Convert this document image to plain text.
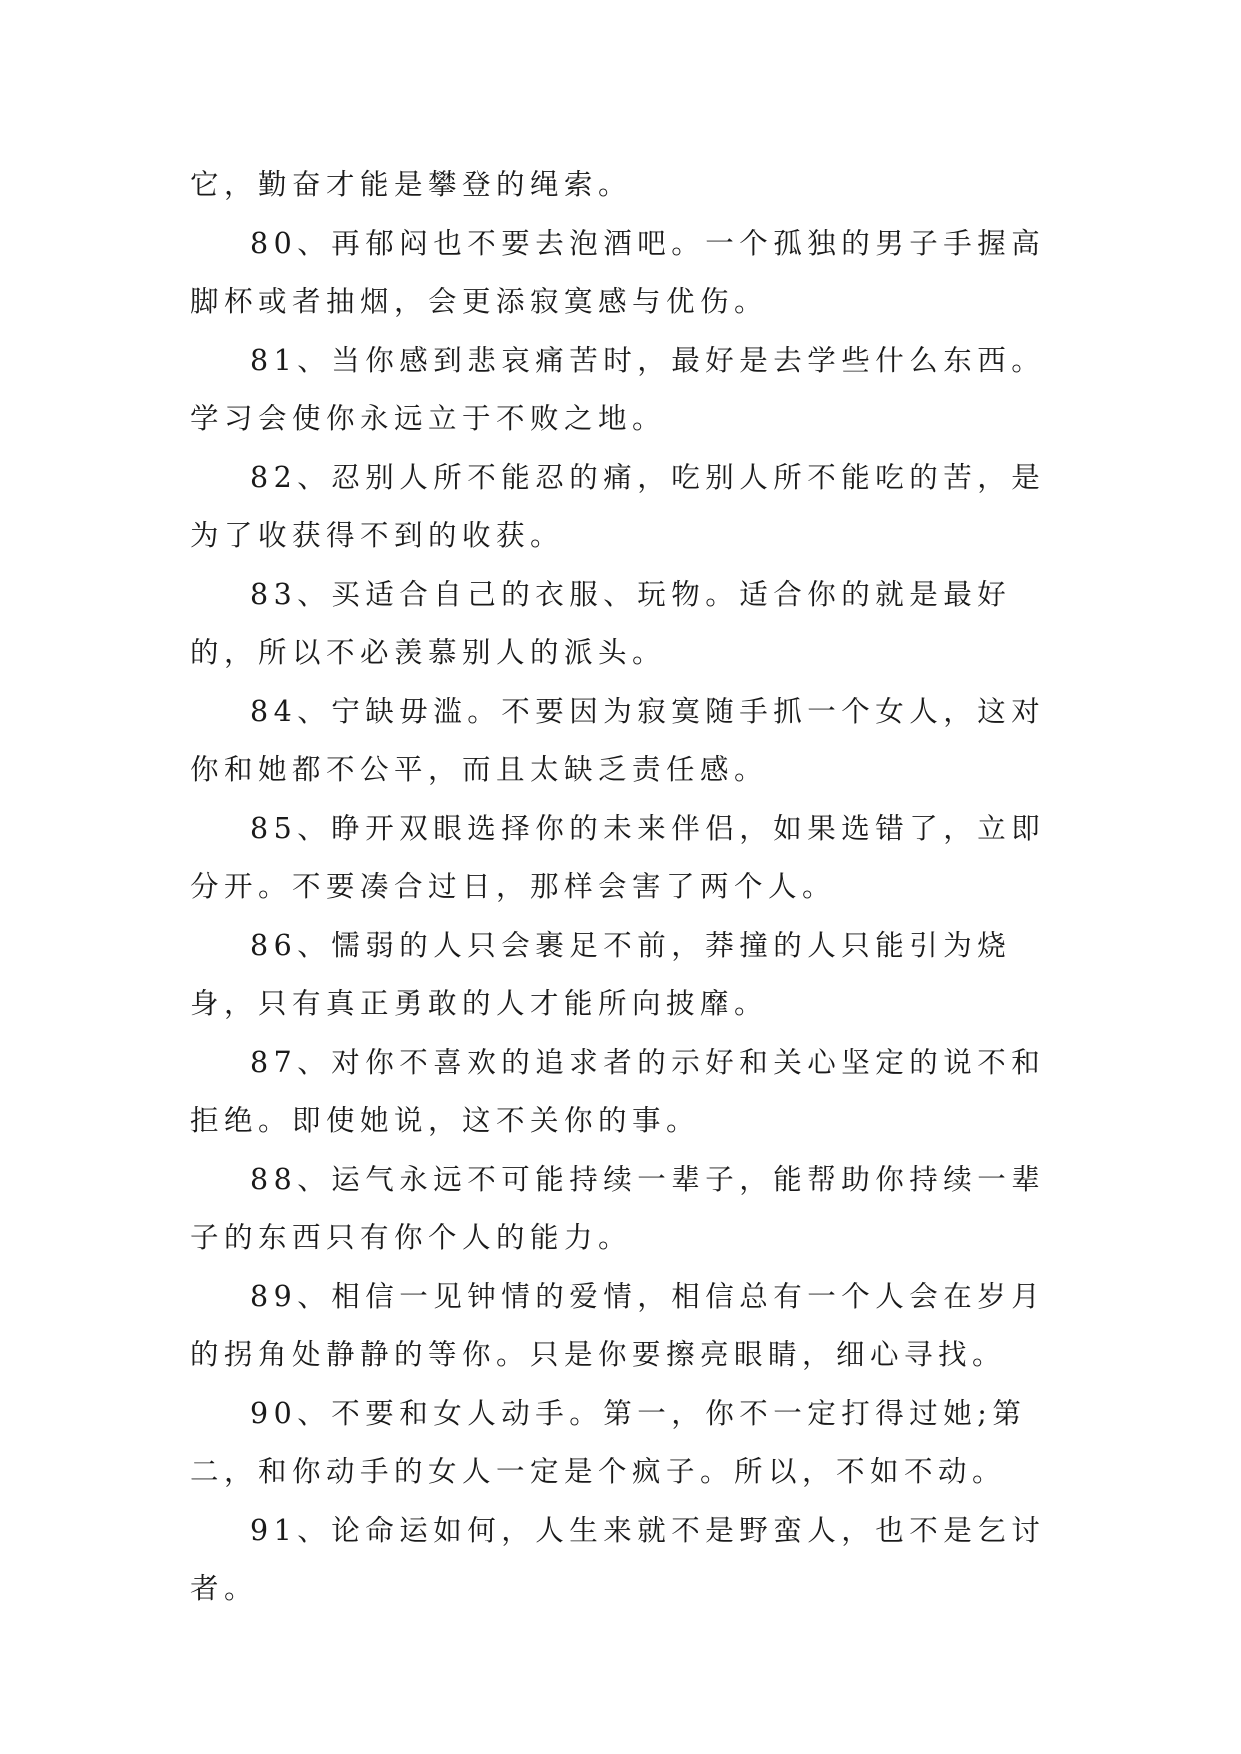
它，勤奋才能是攀登的绳索。

80、再郁闷也不要去泡酒吧。一个孤独的男子手握高脚杯或者抽烟，会更添寂寞感与优伤。

81、当你感到悲哀痛苦时，最好是去学些什么东西。学习会使你永远立于不败之地。

82、忍别人所不能忍的痛，吃别人所不能吃的苦，是为了收获得不到的收获。

83、买适合自己的衣服、玩物。适合你的就是最好的，所以不必羡慕别人的派头。

84、宁缺毋滥。不要因为寂寞随手抓一个女人，这对你和她都不公平，而且太缺乏责任感。

85、睁开双眼选择你的未来伴侣，如果选错了，立即分开。不要凑合过日，那样会害了两个人。

86、懦弱的人只会裹足不前，莽撞的人只能引为烧身，只有真正勇敢的人才能所向披靡。

87、对你不喜欢的追求者的示好和关心坚定的说不和拒绝。即使她说，这不关你的事。

88、运气永远不可能持续一辈子，能帮助你持续一辈子的东西只有你个人的能力。

89、相信一见钟情的爱情，相信总有一个人会在岁月的拐角处静静的等你。只是你要擦亮眼睛，细心寻找。

90、不要和女人动手。第一，你不一定打得过她;第二，和你动手的女人一定是个疯子。所以，不如不动。

91、论命运如何，人生来就不是野蛮人，也不是乞讨者。
